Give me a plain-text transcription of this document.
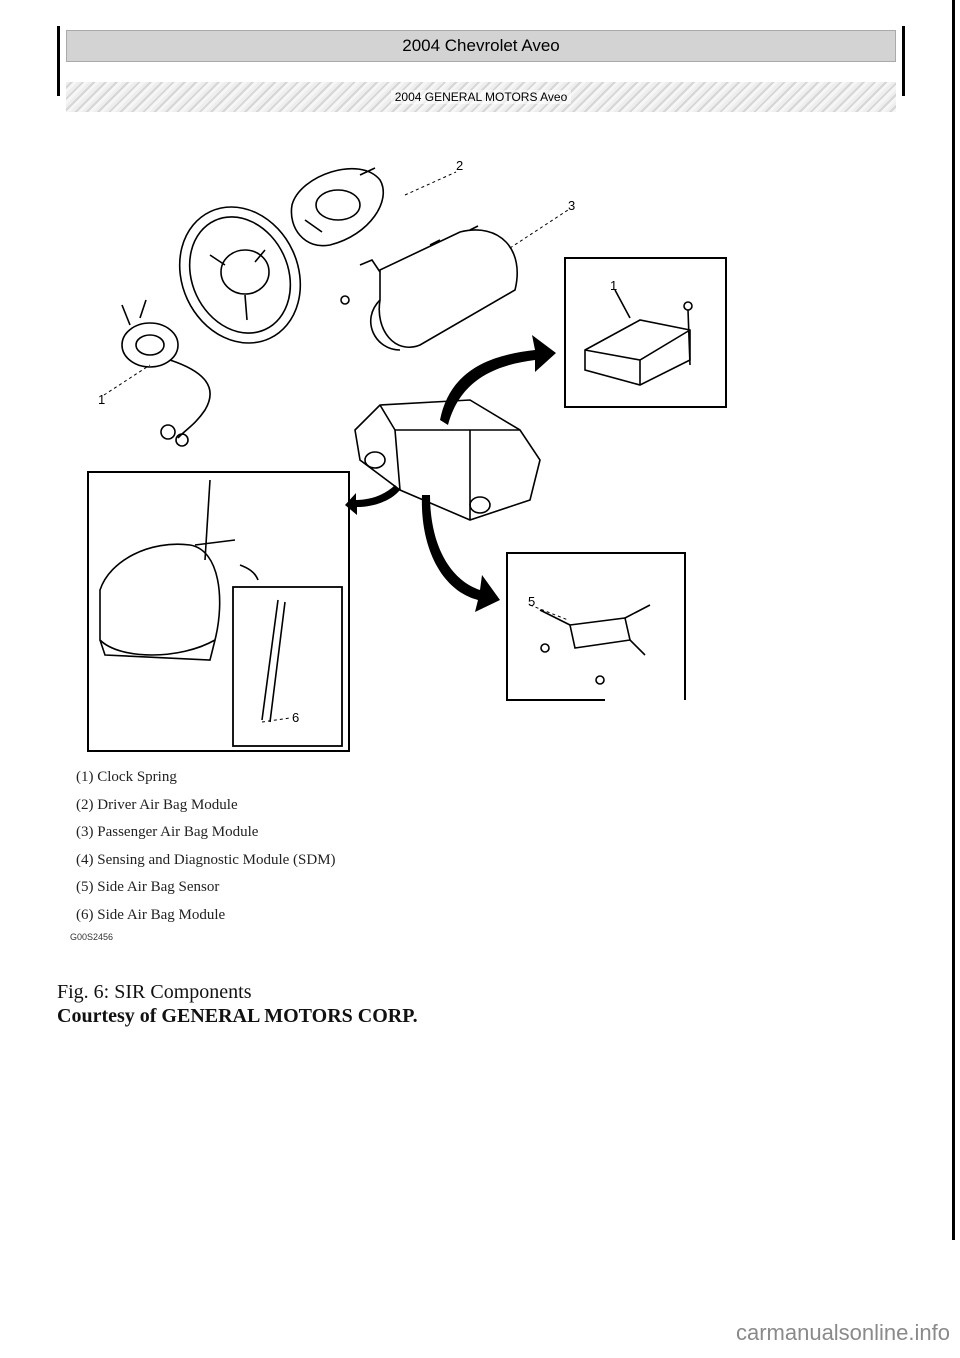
2004 Chevrolet Aveo
2004 GENERAL MOTORS Aveo
1
2
3
1
5
6
(1) Clock Spring
(2) Driver Air Bag Module
(3) Passenger Air Bag Module
(4) Sensing and Diagnostic Module (SDM)
(5) Side Air Bag Sensor
(6) Side Air Bag Module
G00S2456
Fig. 6: SIR Components
Courtesy of GENERAL MOTORS CORP.
carmanualsonline.info
